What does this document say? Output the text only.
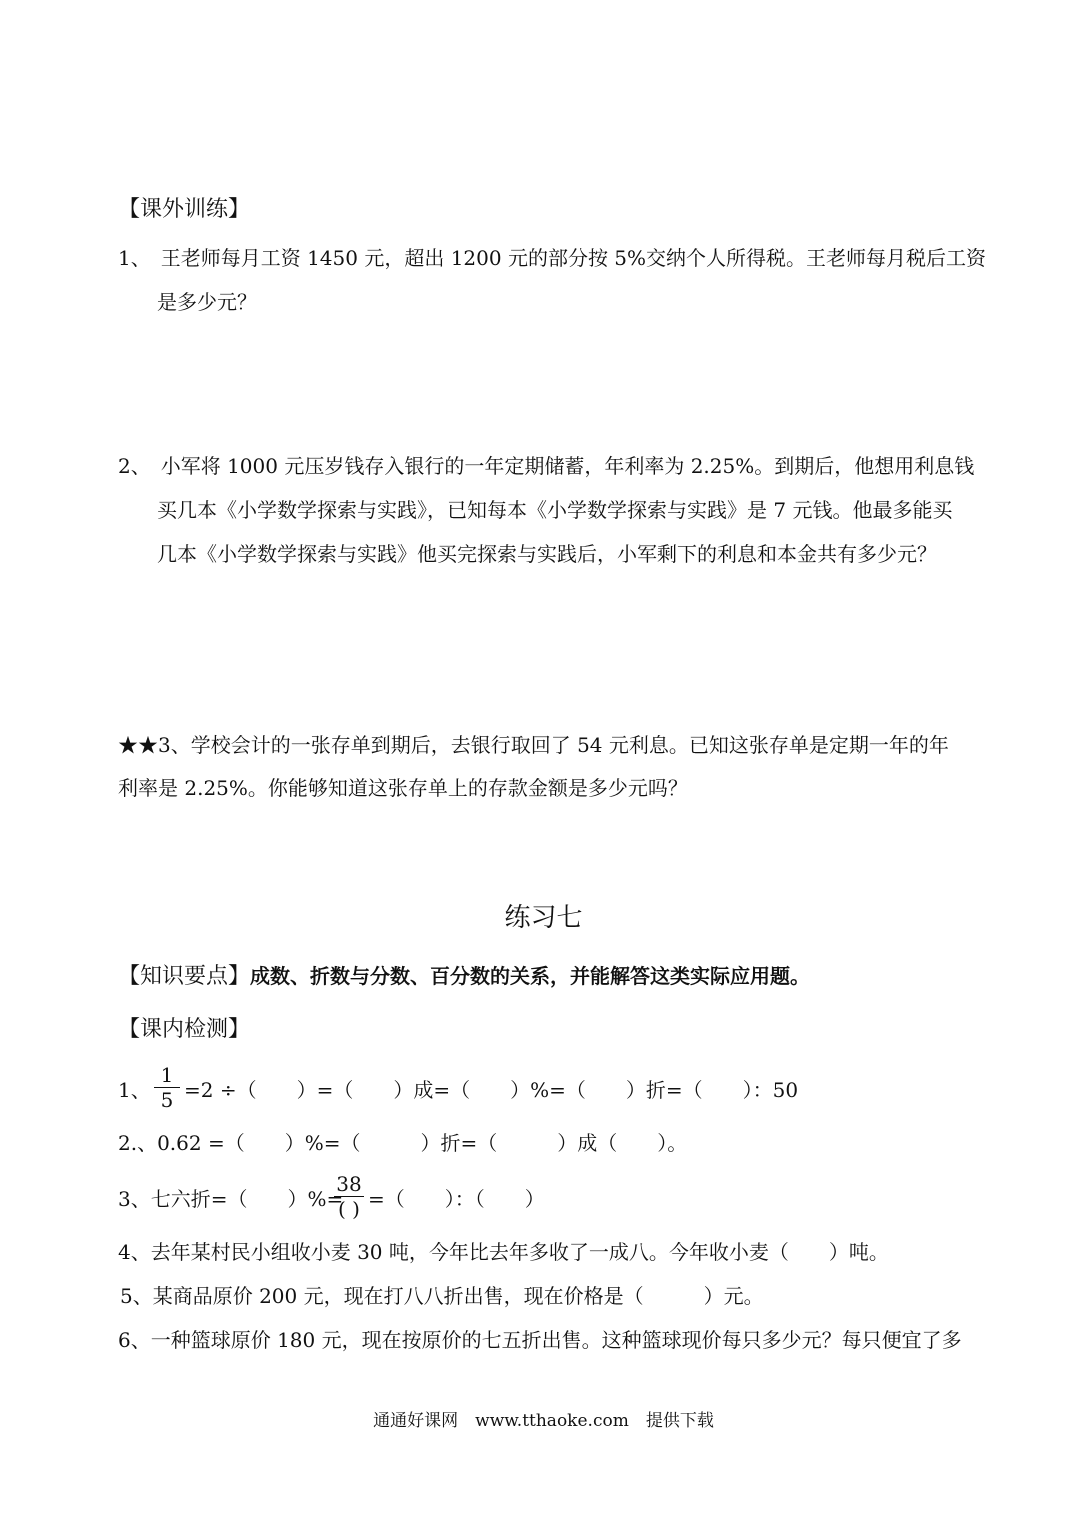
【课外训练】
1、　王老师每月工资 1450 元，超出 1200 元的部分按 5%交纳个人所得税。王老师每月税后工资
是多少元？
2、　小军将 1000 元压岁钱存入银行的一年定期储蓄，年利率为 2.25%。到期后，他想用利息钱
买几本《小学数学探索与实践》，已知每本《小学数学探索与实践》是 7 元钱。他最多能买
几本《小学数学探索与实践》他买完探索与实践后，小军剩下的利息和本金共有多少元？
★★3、学校会计的一张存单到期后，去银行取回了 54 元利息。已知这张存单是定期一年的年
利率是 2.25%。你能够知道这张存单上的存款金额是多少元吗？
练习七
【知识要点】成数、折数与分数、百分数的关系，并能解答这类实际应用题。
【课内检测】
1、
1
5 =2 ÷（　　）=（　　）成=（　　）%=（　　）折=（　　）：50
2.、0.62 =（　　）%=（　　　）折=（　　　）成（　　）。
3、七六折=（　　）%=
38
( ) =（　　）：（　　）
4、去年某村民小组收小麦 30 吨，今年比去年多收了一成八。今年收小麦（　　）吨。
5、某商品原价 200 元，现在打八八折出售，现在价格是（　　　）元。
6、一种篮球原价 180 元，现在按原价的七五折出售。这种篮球现价每只多少元？每只便宜了多
通通好课网　www.tthaoke.com　提供下载
